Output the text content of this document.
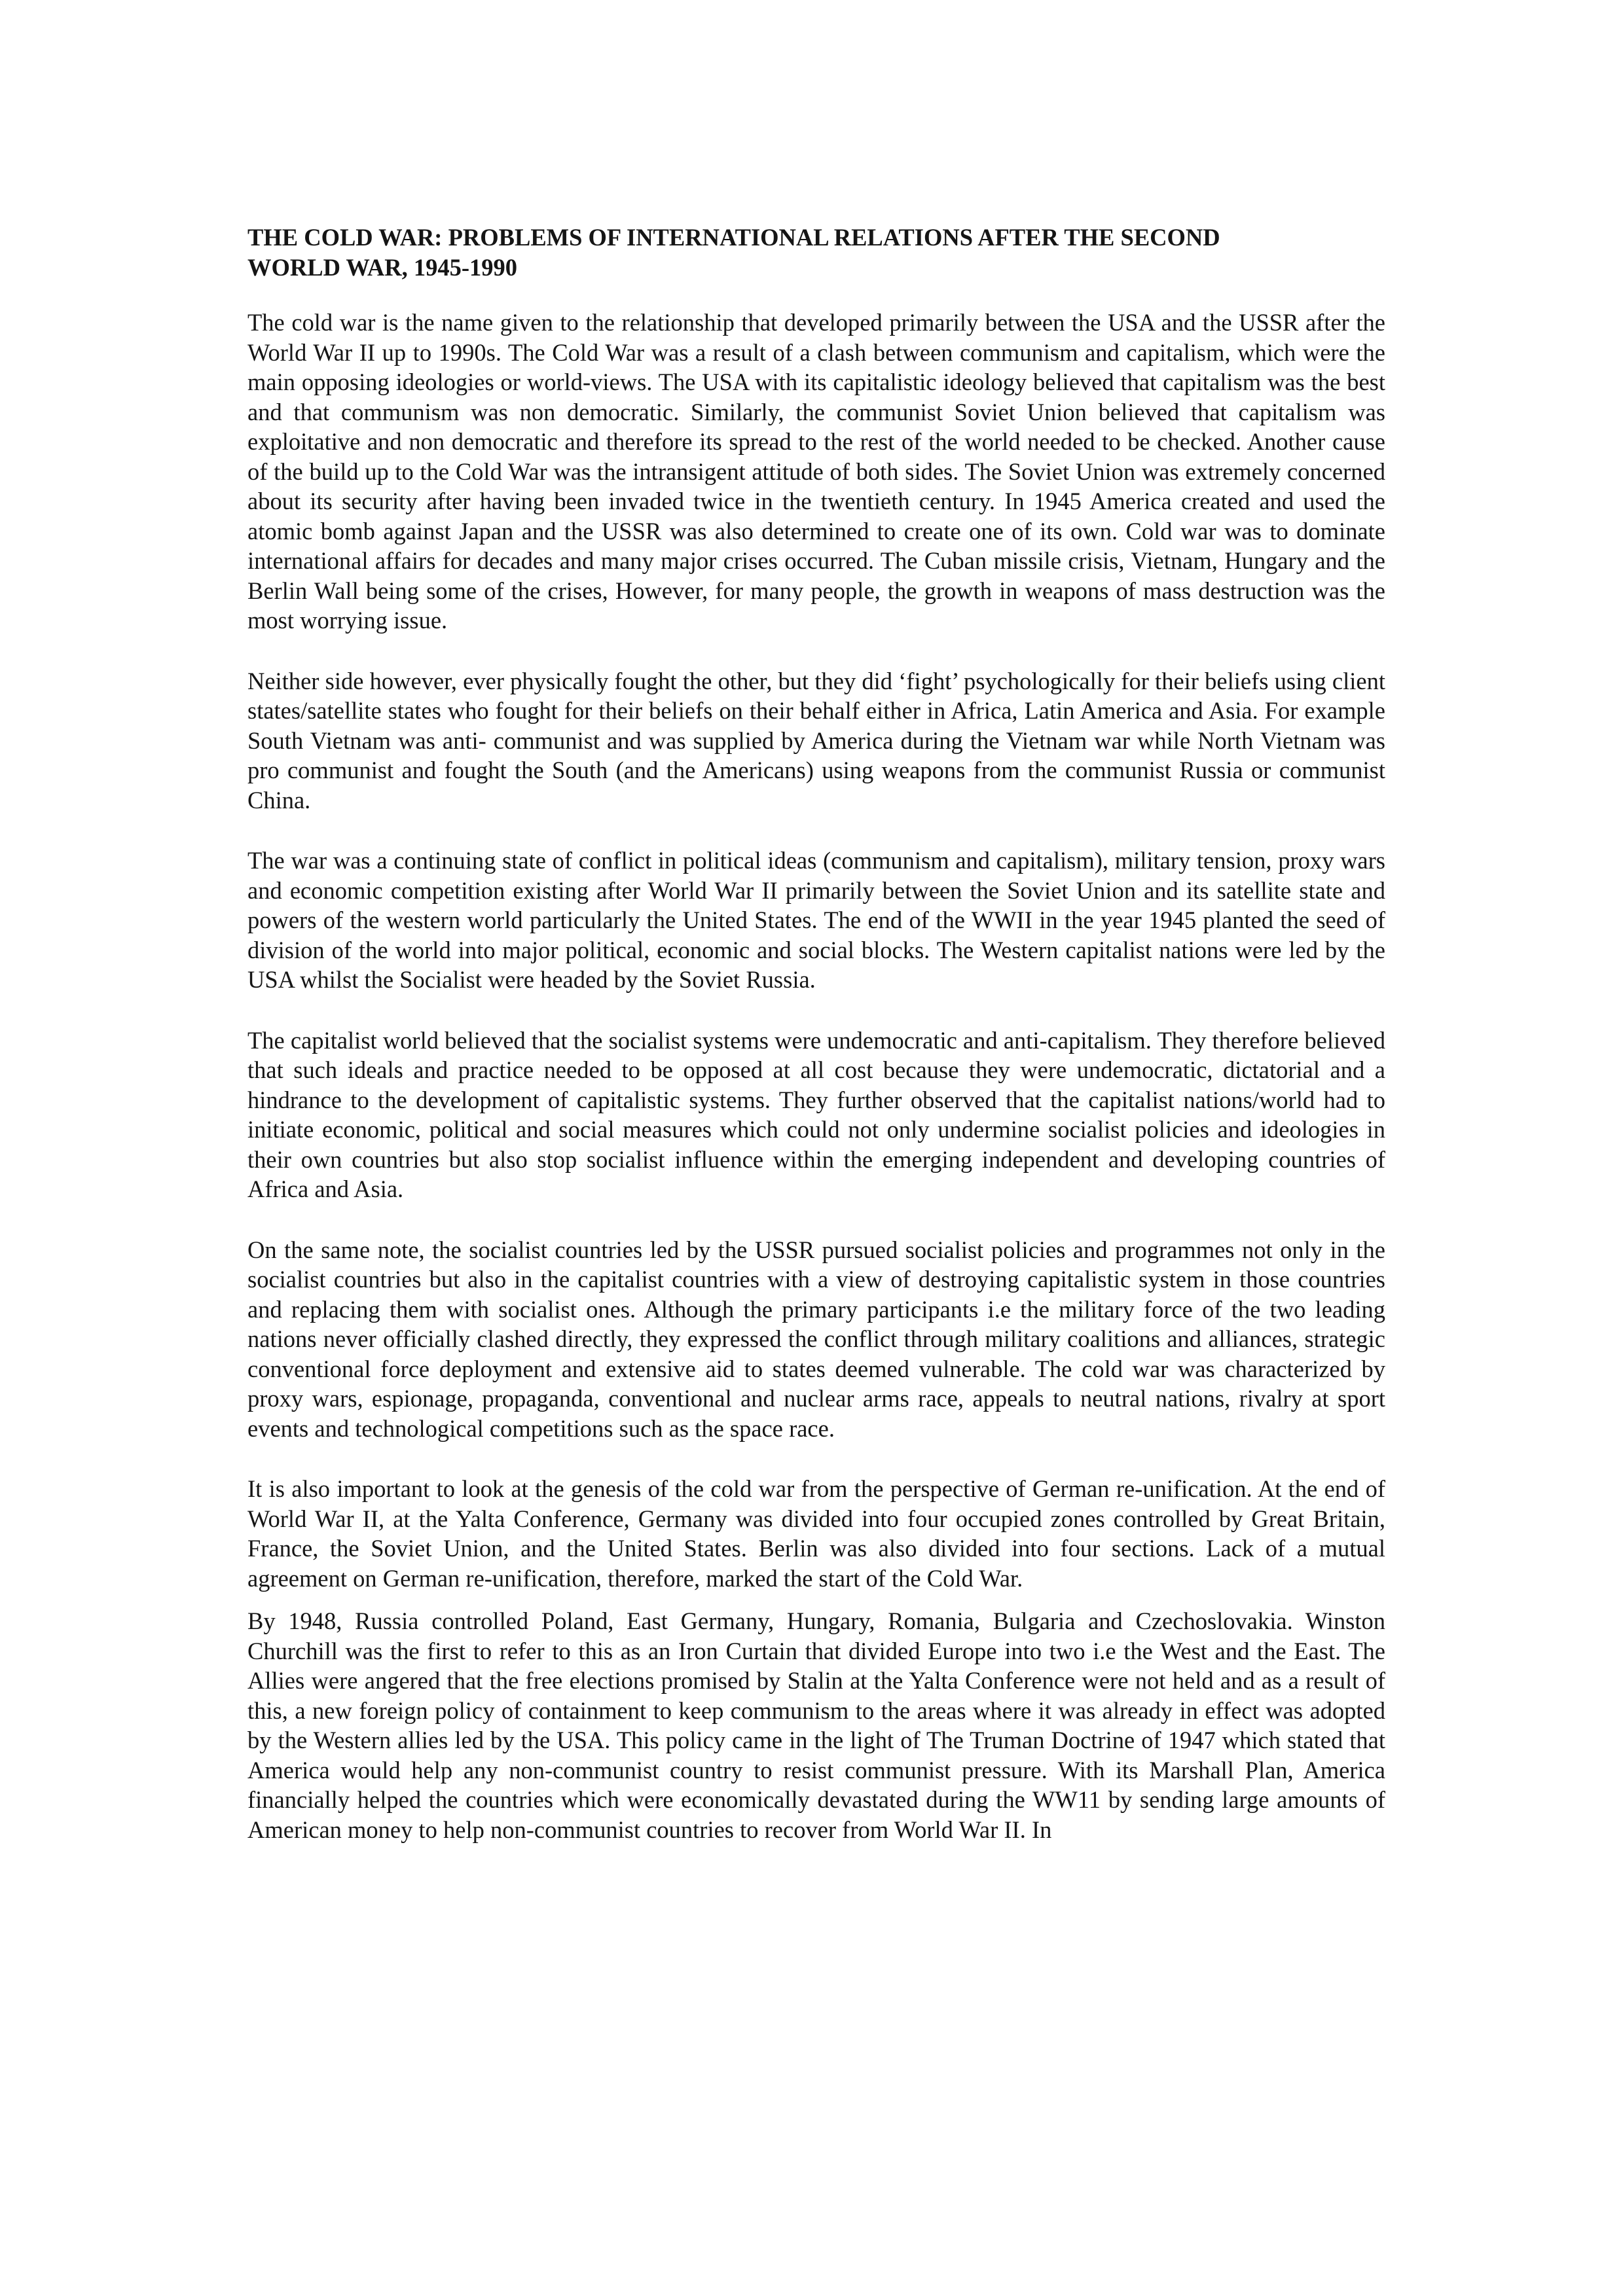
THE COLD WAR: PROBLEMS OF INTERNATIONAL RELATIONS AFTER THE SECOND
WORLD WAR, 1945-1990

The cold war is the name given to the relationship that developed primarily between the USA and the USSR after the World War II up to 1990s. The Cold War was a result of a clash between communism and capitalism, which were the main opposing ideologies or world-views. The USA with its capitalistic ideology believed that capitalism was the best and that communism was non democratic. Similarly, the communist Soviet Union believed that capitalism was exploitative and non democratic and therefore its spread to the rest of the world needed to be checked. Another cause of the build up to the Cold War was the intransigent attitude of both sides. The Soviet Union was extremely concerned about its security after having been invaded twice in the twentieth century. In 1945 America created and used the atomic bomb against Japan and the USSR was also determined to create one of its own. Cold war was to dominate international affairs for decades and many major crises occurred. The Cuban missile crisis, Vietnam, Hungary and the Berlin Wall being some of the crises, However, for many people, the growth in weapons of mass destruction was the most worrying issue.

Neither side however, ever physically fought the other, but they did ‘fight’ psychologically for their beliefs using client states/satellite states who fought for their beliefs on their behalf either in Africa, Latin America and Asia. For example South Vietnam was anti- communist and was supplied by America during the Vietnam war while North Vietnam was pro communist and fought the South (and the Americans) using weapons from the communist Russia or communist China.

The war was a continuing state of conflict in political ideas (communism and capitalism), military tension, proxy wars and economic competition existing after World War II primarily between the Soviet Union and its satellite state and powers of the western world particularly the United States. The end of the WWII in the year 1945 planted the seed of division of the world into major political, economic and social blocks. The Western capitalist nations were led by the USA whilst the Socialist were headed by the Soviet Russia.

The capitalist world believed that the socialist systems were undemocratic and anti-capitalism. They therefore believed that such ideals and practice needed to be opposed at all cost because they were undemocratic, dictatorial and a hindrance to the development of capitalistic systems. They further observed that the capitalist nations/world had to initiate economic, political and social measures which could not only undermine socialist policies and ideologies in their own countries but also stop socialist influence within the emerging independent and developing countries of Africa and Asia.

On the same note, the socialist countries led by the USSR pursued socialist policies and programmes not only in the socialist countries but also in the capitalist countries with a view of destroying capitalistic system in those countries and replacing them with socialist ones. Although the primary participants i.e the military force of the two leading nations never officially clashed directly, they expressed the conflict through military coalitions and alliances, strategic conventional force deployment and extensive aid to states deemed vulnerable. The cold war was characterized by proxy wars, espionage, propaganda, conventional and nuclear arms race, appeals to neutral nations, rivalry at sport events and technological competitions such as the space race.

It is also important to look at the genesis of the cold war from the perspective of German re-unification. At the end of World War II, at the Yalta Conference, Germany was divided into four occupied zones controlled by Great Britain, France, the Soviet Union, and the United States. Berlin was also divided into four sections. Lack of a mutual agreement on German re-unification, therefore, marked the start of the Cold War.

By 1948, Russia controlled Poland, East Germany, Hungary, Romania, Bulgaria and Czechoslovakia. Winston Churchill was the first to refer to this as an Iron Curtain that divided Europe into two i.e the West and the East. The Allies were angered that the free elections promised by Stalin at the Yalta Conference were not held and as a result of this, a new foreign policy of containment to keep communism to the areas where it was already in effect was adopted by the Western allies led by the USA. This policy came in the light of The Truman Doctrine of 1947 which stated that America would help any non-communist country to resist communist pressure. With its Marshall Plan, America financially helped the countries which were economically devastated during the WW11 by sending large amounts of American money to help non-communist countries to recover from World War II. In
